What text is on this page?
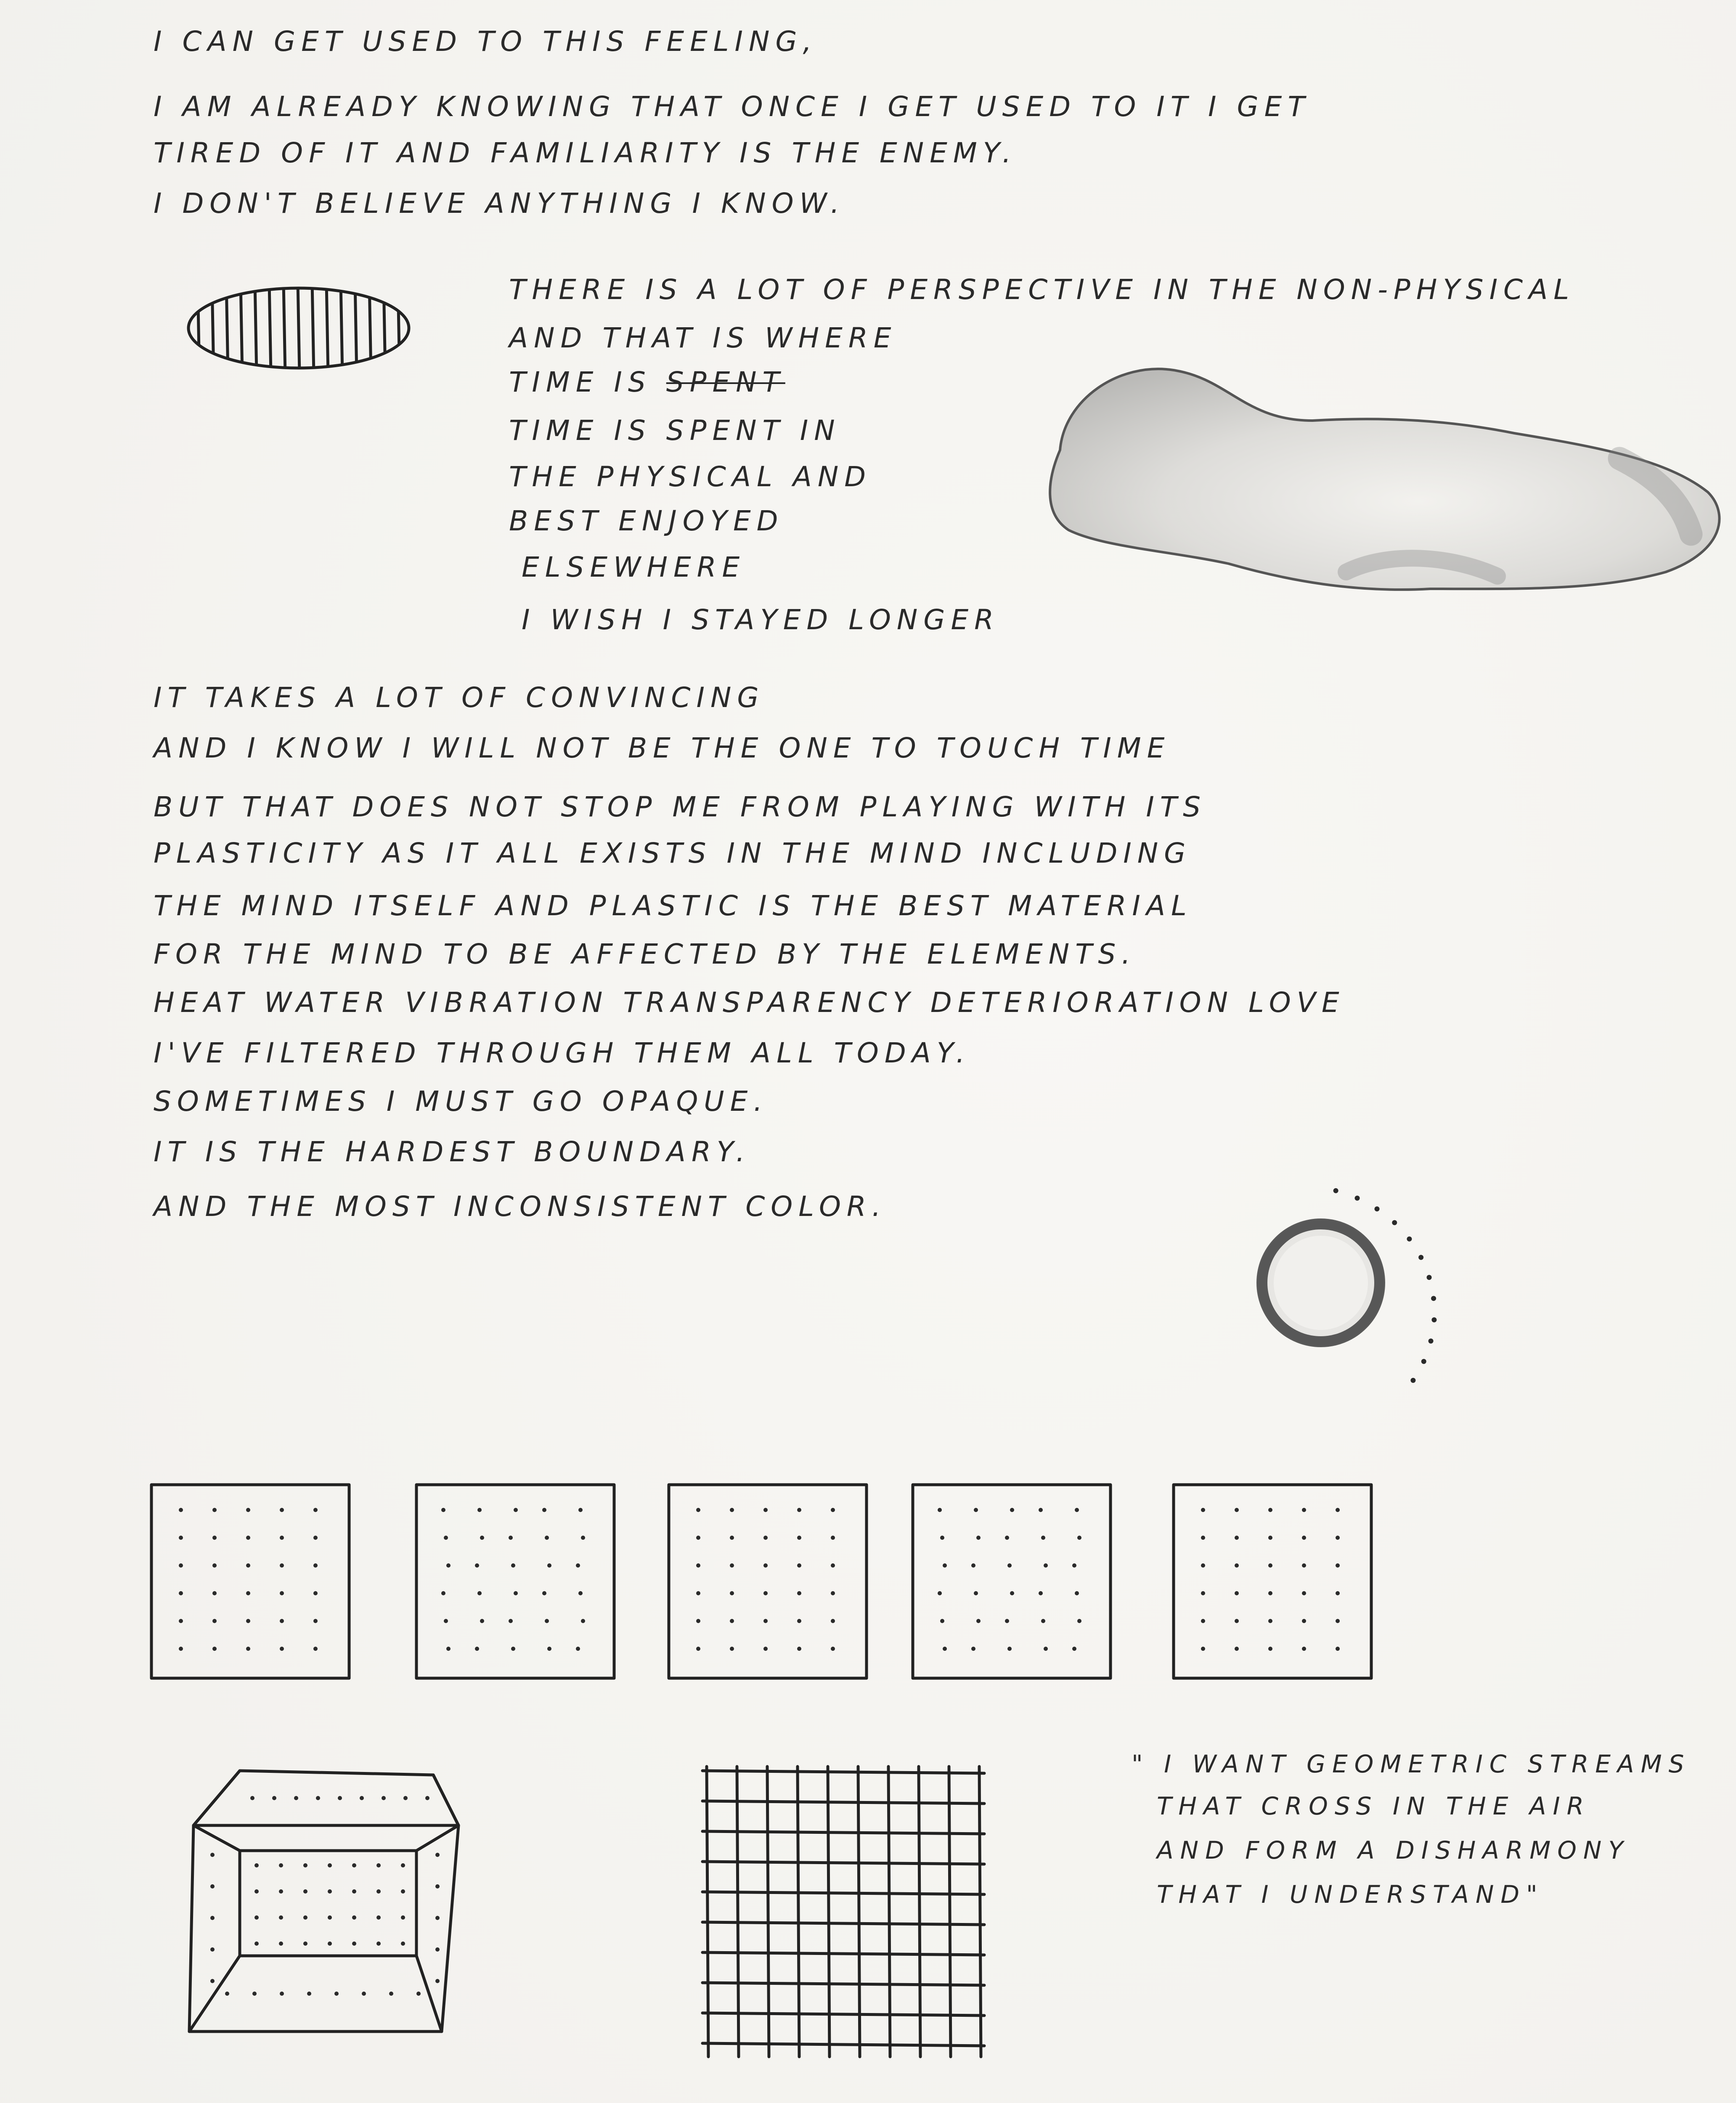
I CAN GET USED TO THIS FEELING,

I AM ALREADY KNOWING THAT ONCE I GET USED TO IT I GET

TIRED OF IT AND FAMILIARITY IS THE ENEMY.

I DON'T BELIEVE ANYTHING I KNOW.

THERE IS A LOT OF PERSPECTIVE IN THE NON-PHYSICAL

AND THAT IS WHERE

TIME IS SPENT

TIME IS SPENT IN

THE PHYSICAL AND

BEST ENJOYED

ELSEWHERE

I WISH I STAYED LONGER

IT TAKES A LOT OF CONVINCING

AND I KNOW I WILL NOT BE THE ONE TO TOUCH TIME

BUT THAT DOES NOT STOP ME FROM PLAYING WITH ITS

PLASTICITY AS IT ALL EXISTS IN THE MIND INCLUDING

THE MIND ITSELF AND PLASTIC IS THE BEST MATERIAL

FOR THE MIND TO BE AFFECTED BY THE ELEMENTS.

HEAT WATER VIBRATION TRANSPARENCY DETERIORATION LOVE

I'VE FILTERED THROUGH THEM ALL TODAY.

SOMETIMES I MUST GO OPAQUE.

IT IS THE HARDEST BOUNDARY.

AND THE MOST INCONSISTENT COLOR.

" I WANT GEOMETRIC STREAMS

THAT CROSS IN THE AIR

AND FORM A DISHARMONY

THAT I UNDERSTAND"
